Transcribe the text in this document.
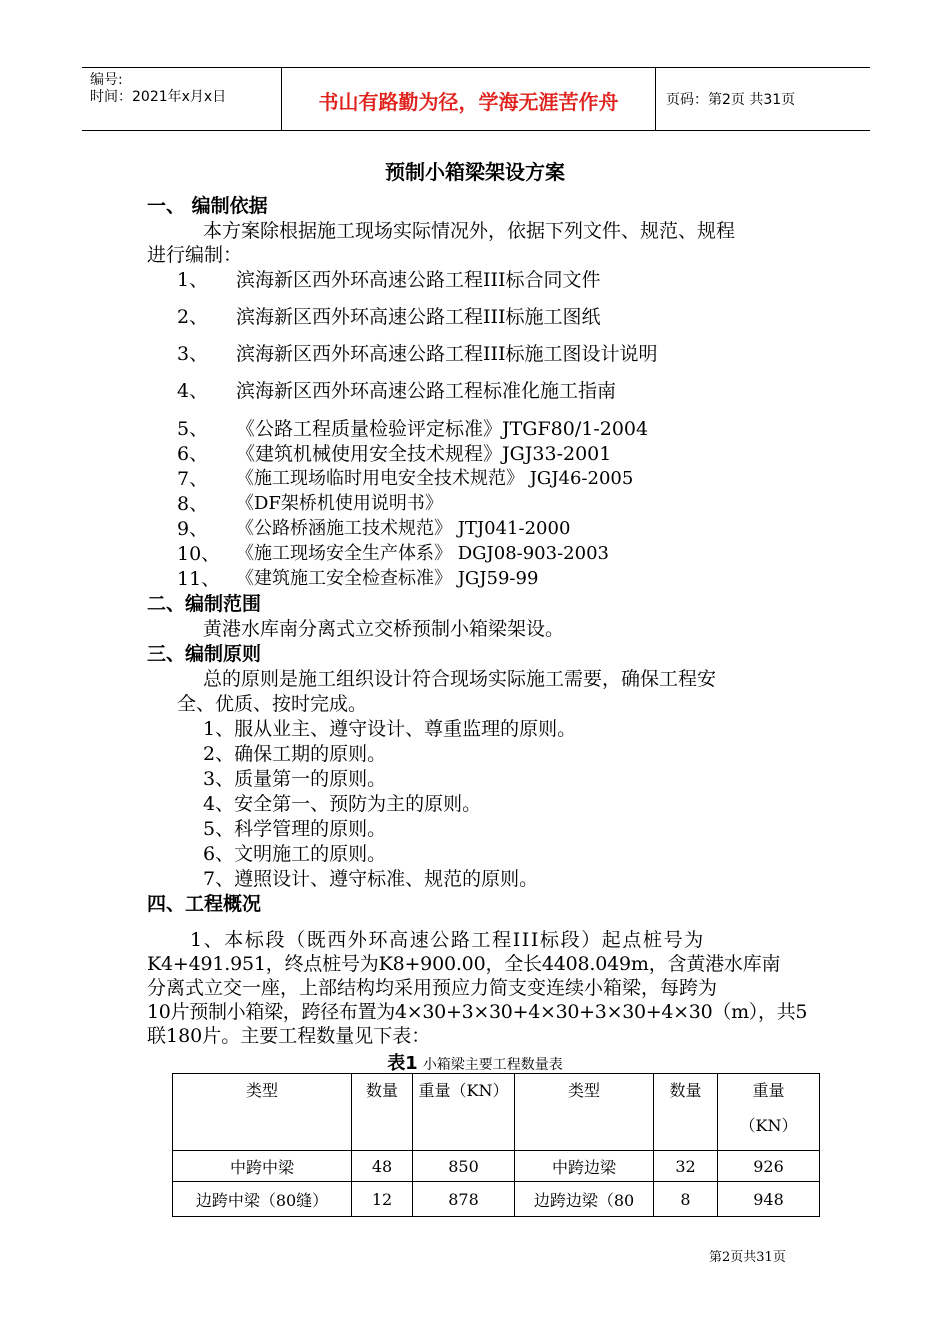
编号:
时间：2021年x月x日	书山有路勤为径，学海无涯苦作舟	页码：第2页 共31页
预制小箱梁架设方案
一、 编制依据
本方案除根据施工现场实际情况外，依据下列文件、规范、规程
进行编制：
1、 滨海新区西外环高速公路工程III标合同文件
2、 滨海新区西外环高速公路工程III标施工图纸
3、 滨海新区西外环高速公路工程III标施工图设计说明
4、 滨海新区西外环高速公路工程标准化施工指南
5、 《公路工程质量检验评定标准》JTGF80/1-2004
6、 《建筑机械使用安全技术规程》JGJ33-2001
7、 《施工现场临时用电安全技术规范》 JGJ46-2005
8、 《DF架桥机使用说明书》
9、 《公路桥涵施工技术规范》 JTJ041-2000
10、 《施工现场安全生产体系》 DGJ08-903-2003
11、 《建筑施工安全检查标准》 JGJ59-99
二、编制范围
黄港水库南分离式立交桥预制小箱梁架设。
三、编制原则
总的原则是施工组织设计符合现场实际施工需要，确保工程安
全、优质、按时完成。
1、服从业主、遵守设计、尊重监理的原则。
2、确保工期的原则。
3、质量第一的原则。
4、安全第一、预防为主的原则。
5、科学管理的原则。
6、文明施工的原则。
7、遵照设计、遵守标准、规范的原则。
四、工程概况
1、本标段（既西外环高速公路工程III标段）起点桩号为
K4+491.951，终点桩号为K8+900.00，全长4408.049m，含黄港水库南
分离式立交一座，上部结构均采用预应力简支变连续小箱梁，每跨为
10片预制小箱梁，跨径布置为4×30+3×30+4×30+3×30+4×30（m），共5
联180片。主要工程数量见下表：
表1 小箱梁主要工程数量表
类型	数量	重量（KN）	类型	数量	重量
（KN）

中跨中梁	48	850	中跨边梁	32	926
边跨中梁（80缝）	12	878	边跨边梁（80	8	948
第2页共31页
